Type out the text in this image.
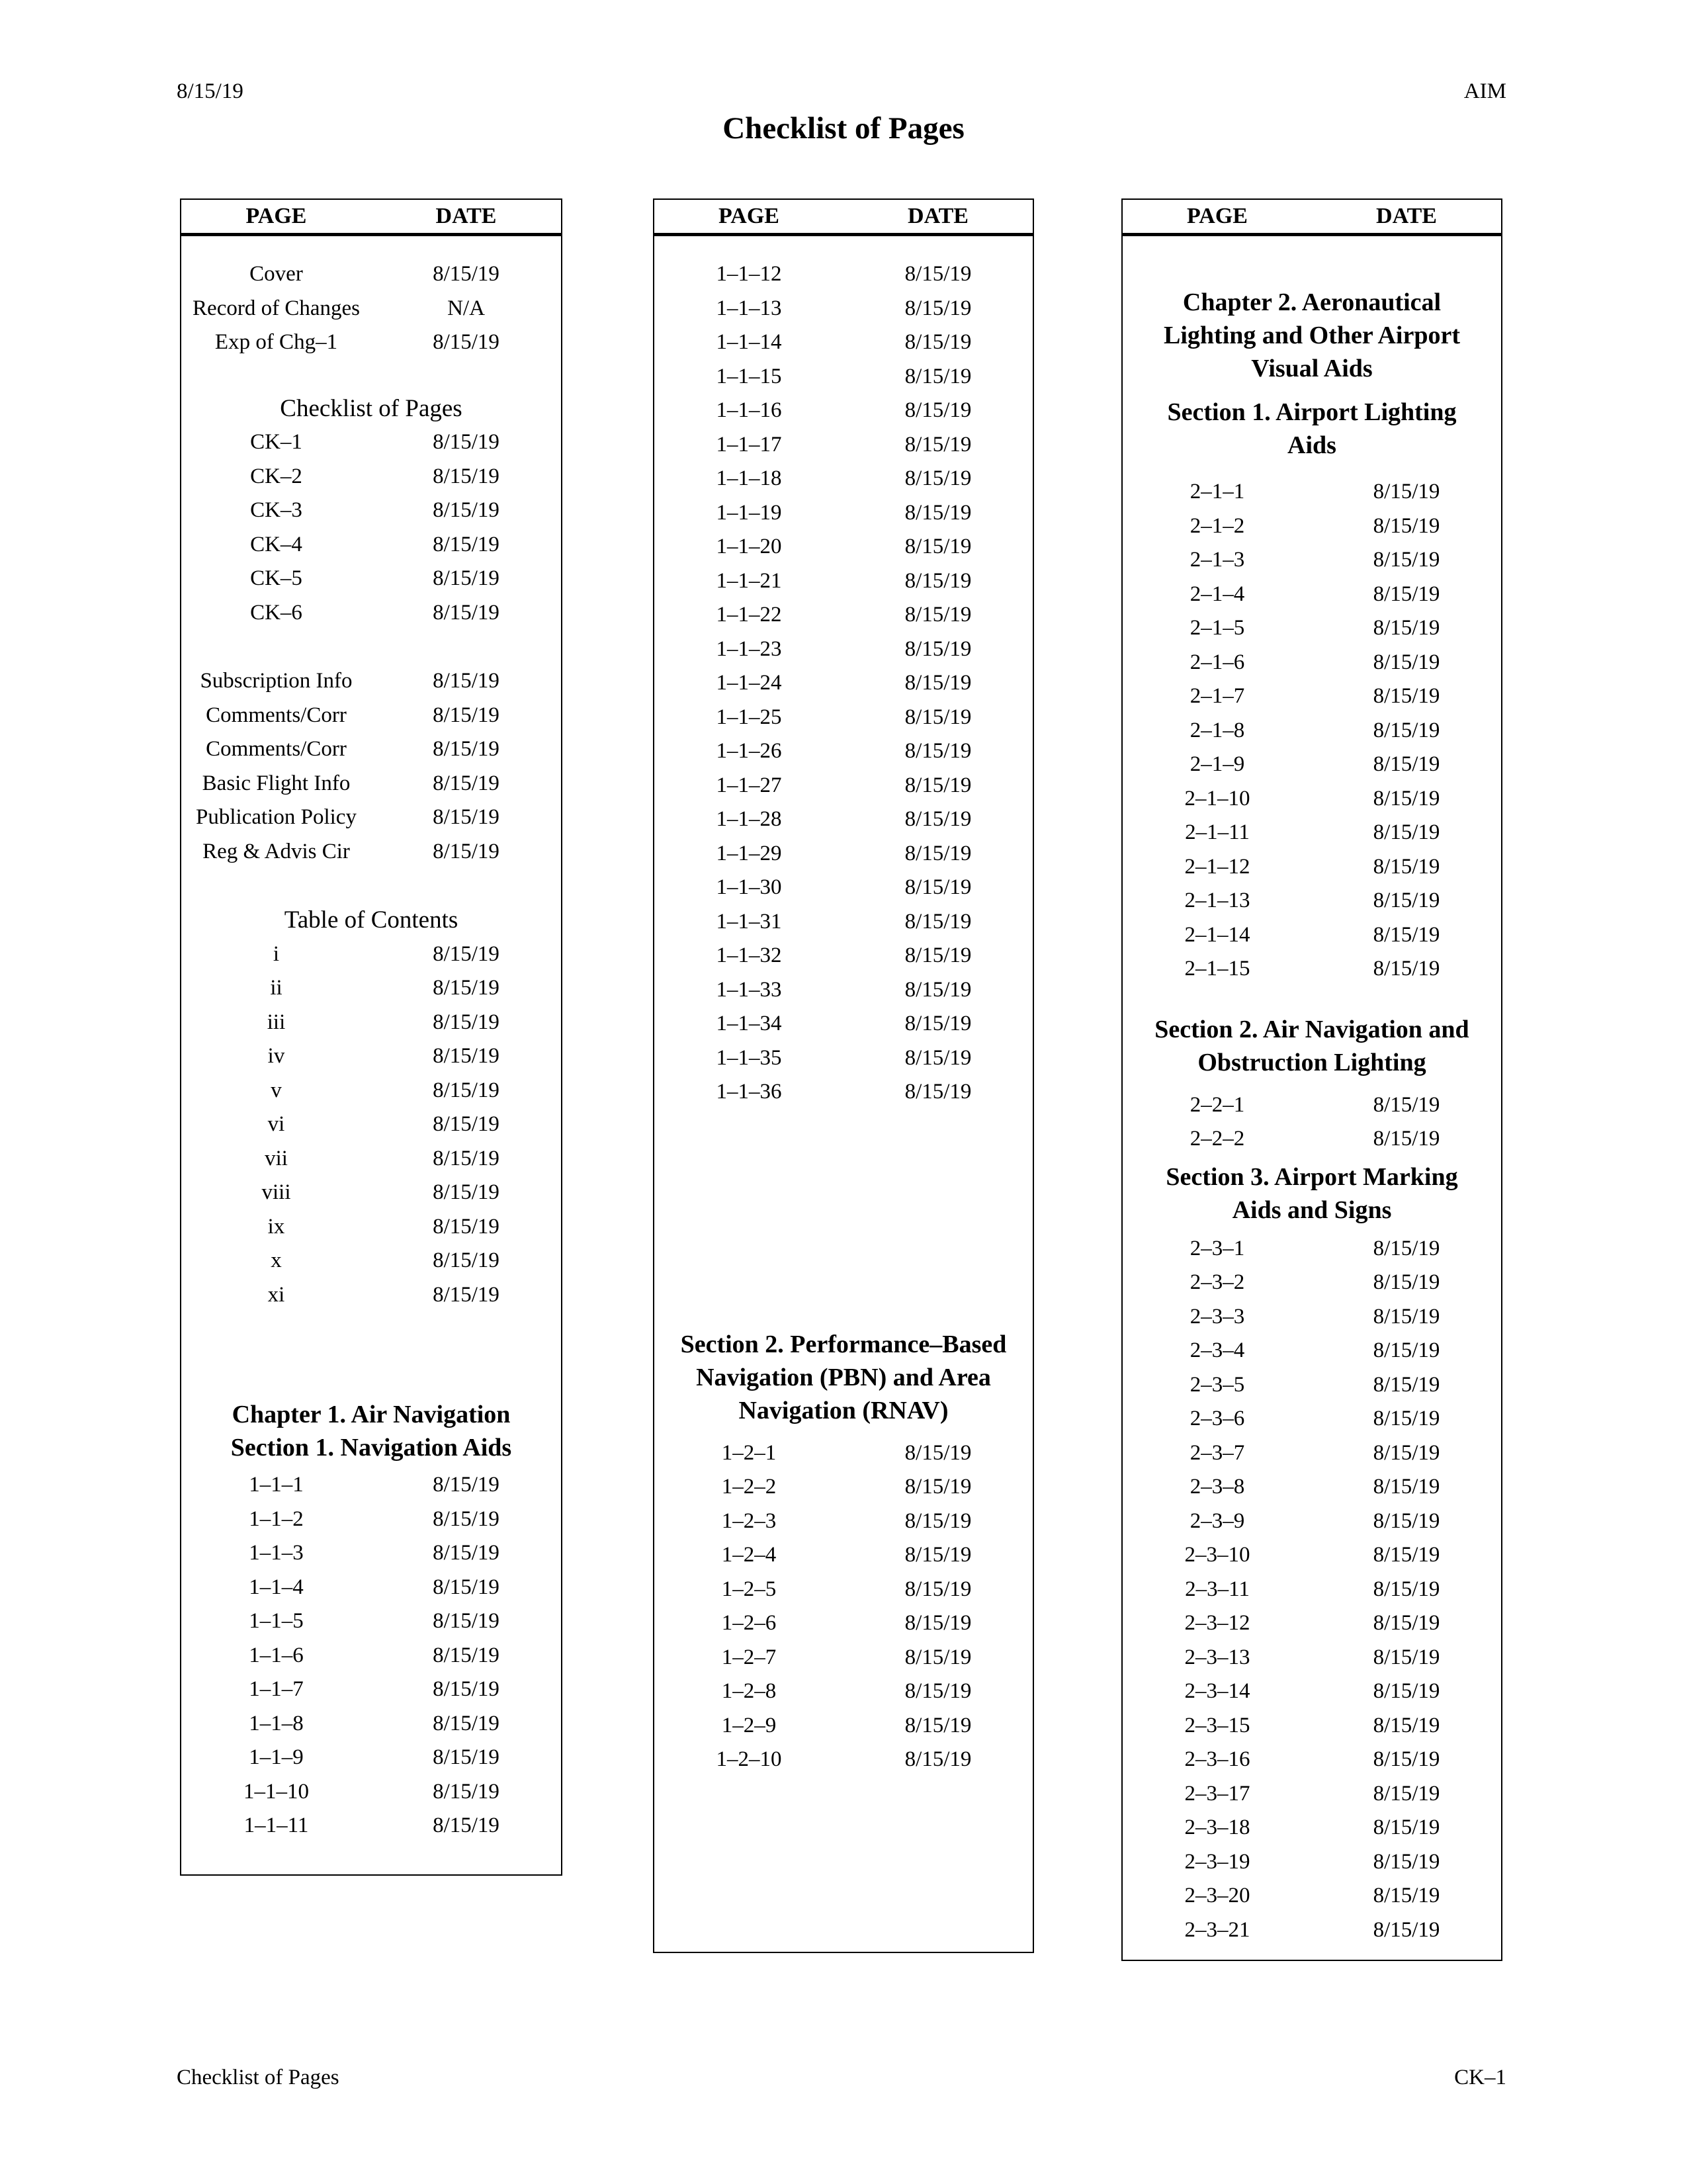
8/15/19	AIM
Checklist of Pages
PAGE	DATE
Cover	8/15/19
Record of Changes	N/A
Exp of Chg–1	8/15/19
Checklist of Pages
CK–1	8/15/19
CK–2	8/15/19
CK–3	8/15/19
CK–4	8/15/19
CK–5	8/15/19
CK–6	8/15/19
Subscription Info	8/15/19
Comments/Corr	8/15/19
Comments/Corr	8/15/19
Basic Flight Info	8/15/19
Publication Policy	8/15/19
Reg & Advis Cir	8/15/19
Table of Contents
i	8/15/19
ii	8/15/19
iii	8/15/19
iv	8/15/19
v	8/15/19
vi	8/15/19
vii	8/15/19
viii	8/15/19
ix	8/15/19
x	8/15/19
xi	8/15/19
Chapter 1. Air Navigation
Section 1. Navigation Aids
1–1–1	8/15/19
1–1–2	8/15/19
1–1–3	8/15/19
1–1–4	8/15/19
1–1–5	8/15/19
1–1–6	8/15/19
1–1–7	8/15/19
1–1–8	8/15/19
1–1–9	8/15/19
1–1–10	8/15/19
1–1–11	8/15/19
PAGE	DATE
1–1–12	8/15/19
1–1–13	8/15/19
1–1–14	8/15/19
1–1–15	8/15/19
1–1–16	8/15/19
1–1–17	8/15/19
1–1–18	8/15/19
1–1–19	8/15/19
1–1–20	8/15/19
1–1–21	8/15/19
1–1–22	8/15/19
1–1–23	8/15/19
1–1–24	8/15/19
1–1–25	8/15/19
1–1–26	8/15/19
1–1–27	8/15/19
1–1–28	8/15/19
1–1–29	8/15/19
1–1–30	8/15/19
1–1–31	8/15/19
1–1–32	8/15/19
1–1–33	8/15/19
1–1–34	8/15/19
1–1–35	8/15/19
1–1–36	8/15/19
Section 2. Performance–Based
Navigation (PBN) and Area
Navigation (RNAV)
1–2–1	8/15/19
1–2–2	8/15/19
1–2–3	8/15/19
1–2–4	8/15/19
1–2–5	8/15/19
1–2–6	8/15/19
1–2–7	8/15/19
1–2–8	8/15/19
1–2–9	8/15/19
1–2–10	8/15/19
PAGE	DATE
Chapter 2. Aeronautical
Lighting and Other Airport
Visual Aids
Section 1. Airport Lighting
Aids
2–1–1	8/15/19
2–1–2	8/15/19
2–1–3	8/15/19
2–1–4	8/15/19
2–1–5	8/15/19
2–1–6	8/15/19
2–1–7	8/15/19
2–1–8	8/15/19
2–1–9	8/15/19
2–1–10	8/15/19
2–1–11	8/15/19
2–1–12	8/15/19
2–1–13	8/15/19
2–1–14	8/15/19
2–1–15	8/15/19
Section 2. Air Navigation and
Obstruction Lighting
2–2–1	8/15/19
2–2–2	8/15/19
Section 3. Airport Marking
Aids and Signs
2–3–1	8/15/19
2–3–2	8/15/19
2–3–3	8/15/19
2–3–4	8/15/19
2–3–5	8/15/19
2–3–6	8/15/19
2–3–7	8/15/19
2–3–8	8/15/19
2–3–9	8/15/19
2–3–10	8/15/19
2–3–11	8/15/19
2–3–12	8/15/19
2–3–13	8/15/19
2–3–14	8/15/19
2–3–15	8/15/19
2–3–16	8/15/19
2–3–17	8/15/19
2–3–18	8/15/19
2–3–19	8/15/19
2–3–20	8/15/19
2–3–21	8/15/19
Checklist of Pages	CK–1
